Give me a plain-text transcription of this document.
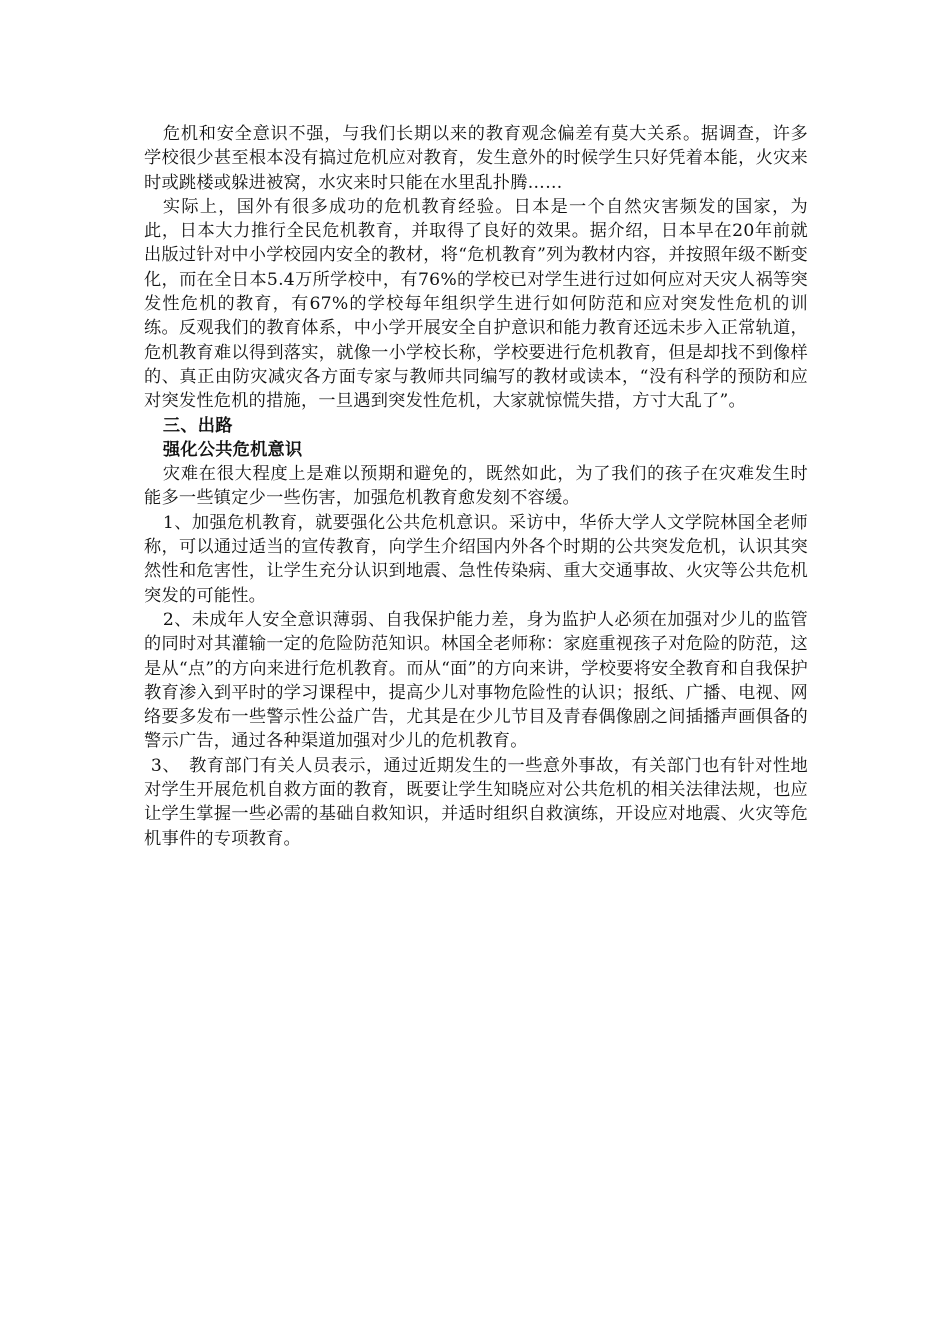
危机和安全意识不强，与我们长期以来的教育观念偏差有莫大关系。据调查，许多学校很少甚至根本没有搞过危机应对教育，发生意外的时候学生只好凭着本能，火灾来时或跳楼或躲进被窝，水灾来时只能在水里乱扑腾……

实际上，国外有很多成功的危机教育经验。日本是一个自然灾害频发的国家，为此，日本大力推行全民危机教育，并取得了良好的效果。据介绍，日本早在20年前就出版过针对中小学校园内安全的教材，将“危机教育”列为教材内容，并按照年级不断变化，而在全日本5.4万所学校中，有76%的学校已对学生进行过如何应对天灾人祸等突发性危机的教育，有67%的学校每年组织学生进行如何防范和应对突发性危机的训练。反观我们的教育体系，中小学开展安全自护意识和能力教育还远未步入正常轨道，危机教育难以得到落实，就像一小学校长称，学校要进行危机教育，但是却找不到像样的、真正由防灾减灾各方面专家与教师共同编写的教材或读本，“没有科学的预防和应对突发性危机的措施，一旦遇到突发性危机，大家就惊慌失措，方寸大乱了”。

三、出路

强化公共危机意识

灾难在很大程度上是难以预期和避免的，既然如此，为了我们的孩子在灾难发生时能多一些镇定少一些伤害，加强危机教育愈发刻不容缓。

1、加强危机教育，就要强化公共危机意识。采访中，华侨大学人文学院林国全老师称，可以通过适当的宣传教育，向学生介绍国内外各个时期的公共突发危机，认识其突然性和危害性，让学生充分认识到地震、急性传染病、重大交通事故、火灾等公共危机突发的可能性。

2、未成年人安全意识薄弱、自我保护能力差，身为监护人必须在加强对少儿的监管的同时对其灌输一定的危险防范知识。林国全老师称：家庭重视孩子对危险的防范，这是从“点”的方向来进行危机教育。而从“面”的方向来讲，学校要将安全教育和自我保护教育渗入到平时的学习课程中，提高少儿对事物危险性的认识；报纸、广播、电视、网络要多发布一些警示性公益广告，尤其是在少儿节目及青春偶像剧之间插播声画俱备的警示广告，通过各种渠道加强对少儿的危机教育。

3、　教育部门有关人员表示，通过近期发生的一些意外事故，有关部门也有针对性地对学生开展危机自救方面的教育，既要让学生知晓应对公共危机的相关法律法规，也应让学生掌握一些必需的基础自救知识，并适时组织自救演练，开设应对地震、火灾等危机事件的专项教育。
